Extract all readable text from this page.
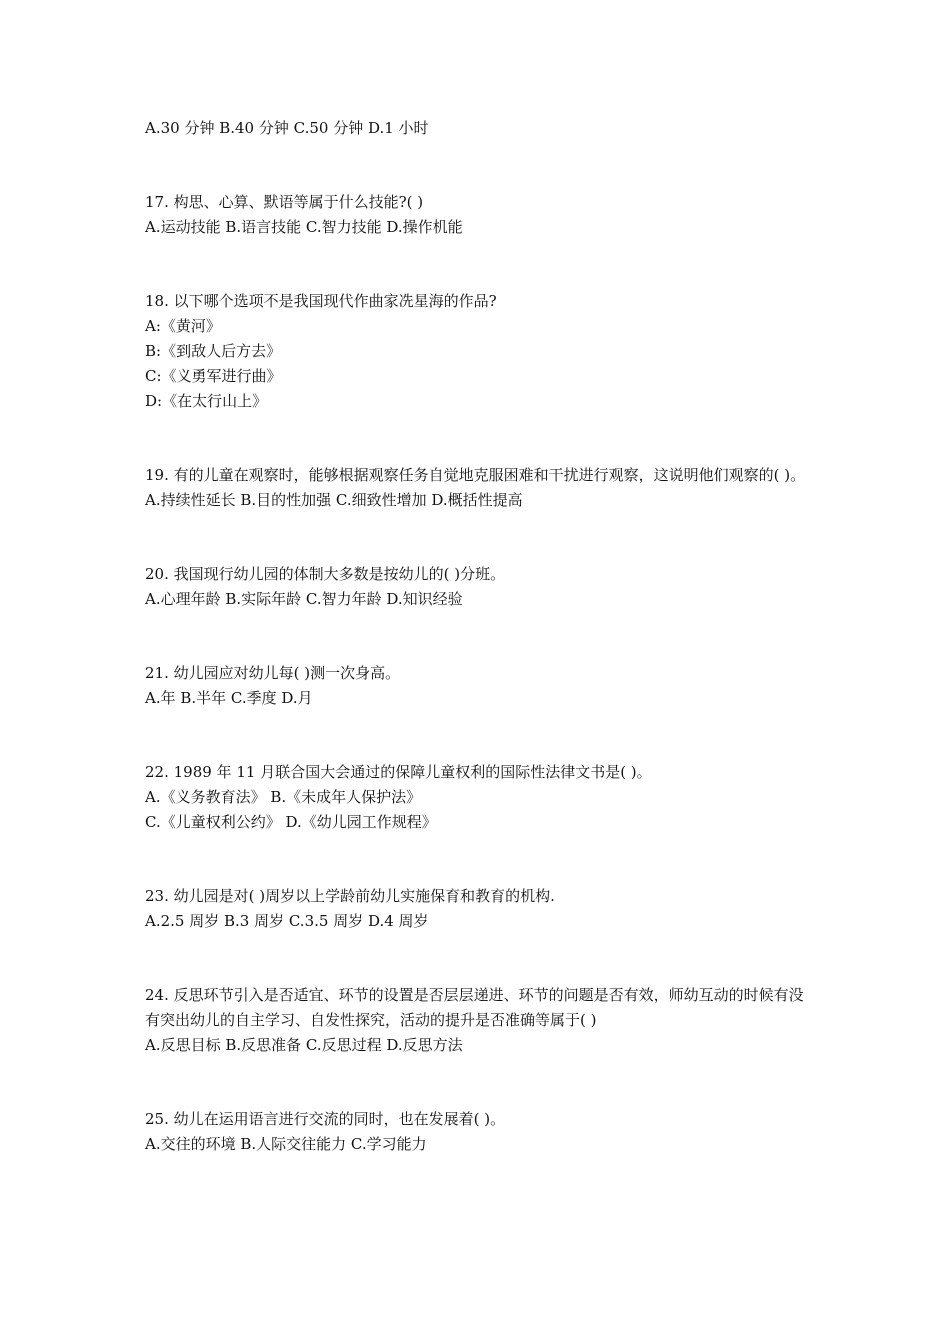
A.30 分钟 B.40 分钟 C.50 分钟 D.1 小时
17. 构思、心算、默语等属于什么技能?( )
A.运动技能 B.语言技能 C.智力技能 D.操作机能
18. 以下哪个选项不是我国现代作曲家冼星海的作品?
A:《黄河》
B:《到敌人后方去》
C:《义勇军进行曲》
D:《在太行山上》
19. 有的儿童在观察时，能够根据观察任务自觉地克服困难和干扰进行观察，这说明他们观察的( )。
A.持续性延长 B.目的性加强 C.细致性增加 D.概括性提高
20. 我国现行幼儿园的体制大多数是按幼儿的( )分班。
A.心理年龄 B.实际年龄 C.智力年龄 D.知识经验
21. 幼儿园应对幼儿每( )测一次身高。
A.年 B.半年 C.季度 D.月
22. 1989 年 11 月联合国大会通过的保障儿童权利的国际性法律文书是( )。
A.《义务教育法》 B.《未成年人保护法》
C.《儿童权利公约》 D.《幼儿园工作规程》
23. 幼儿园是对( )周岁以上学龄前幼儿实施保育和教育的机构.
A.2.5 周岁 B.3 周岁 C.3.5 周岁 D.4 周岁
24. 反思环节引入是否适宜、环节的设置是否层层递进、环节的问题是否有效，师幼互动的时候有没有突出幼儿的自主学习、自发性探究，活动的提升是否准确等属于( )
A.反思目标 B.反思准备 C.反思过程 D.反思方法
25. 幼儿在运用语言进行交流的同时，也在发展着( )。
A.交往的环境 B.人际交往能力 C.学习能力
